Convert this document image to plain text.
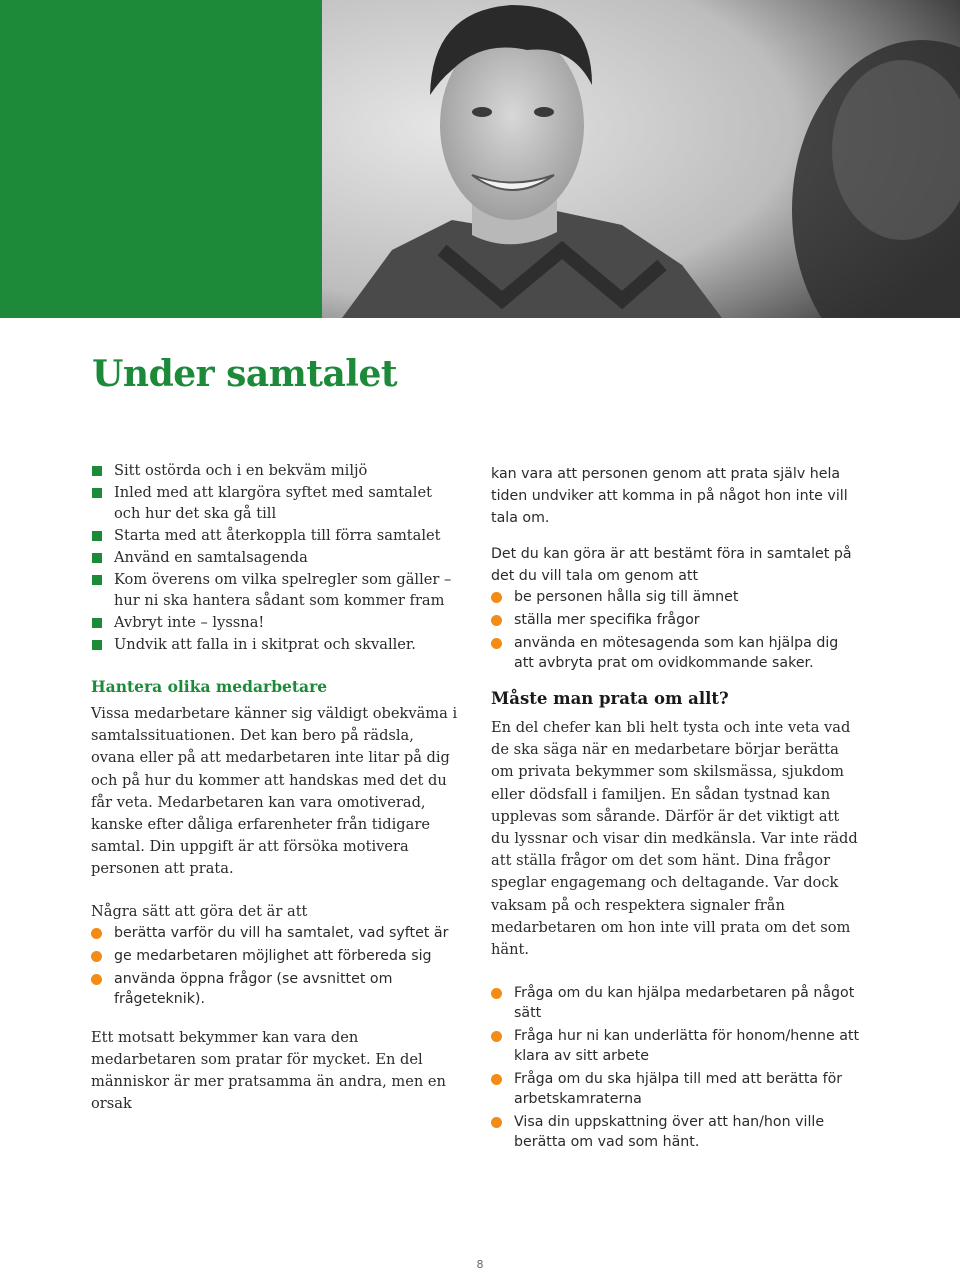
Under samtalet
Sitt ostörda och i en bekväm miljö
Inled med att klargöra syftet med samtalet och hur det ska gå till
Starta med att återkoppla till förra samtalet
Använd en samtalsagenda
Kom överens om vilka spelregler som gäller – hur ni ska hantera sådant som kommer fram
Avbryt inte – lyssna!
Undvik att falla in i skitprat och skvaller.
Hantera olika medarbetare

Vissa medarbetare känner sig väldigt obekväma i samtalssituationen. Det kan bero på rädsla, ovana eller på att medarbetaren inte litar på dig och på hur du kommer att handskas med det du får veta. Medarbetaren kan vara omotiverad, kanske efter dåliga erfarenheter från tidigare samtal. Din uppgift är att försöka motivera personen att prata.

Några sätt att göra det är att

berätta varför du vill ha samtalet, vad syftet är
ge medarbetaren möjlighet att förbereda sig
använda öppna frågor (se avsnittet om frågeteknik).

Ett motsatt bekymmer kan vara den medarbetaren som pratar för mycket. En del människor är mer pratsamma än andra, men en orsak

kan vara att personen genom att prata själv hela tiden undviker att komma in på något hon inte vill tala om.

Det du kan göra är att bestämt föra in samtalet på det du vill tala om genom att

be personen hålla sig till ämnet
ställa mer specifika frågor
använda en mötesagenda som kan hjälpa dig att avbryta prat om ovidkommande saker.
Måste man prata om allt?

En del chefer kan bli helt tysta och inte veta vad de ska säga när en medarbetare börjar berätta om privata bekymmer som skilsmässa, sjukdom eller dödsfall i familjen. En sådan tystnad kan upplevas som sårande. Därför är det viktigt att du lyssnar och visar din medkänsla. Var inte rädd att ställa frågor om det som hänt. Dina frågor speglar engagemang och deltagande. Var dock vaksam på och respektera signaler från medarbetaren om hon inte vill prata om det som hänt.

Fråga om du kan hjälpa medarbetaren på något sätt
Fråga hur ni kan underlätta för honom/henne att klara av sitt arbete
Fråga om du ska hjälpa till med att berätta för arbetskamraterna
Visa din uppskattning över att han/hon ville berätta om vad som hänt.
8
